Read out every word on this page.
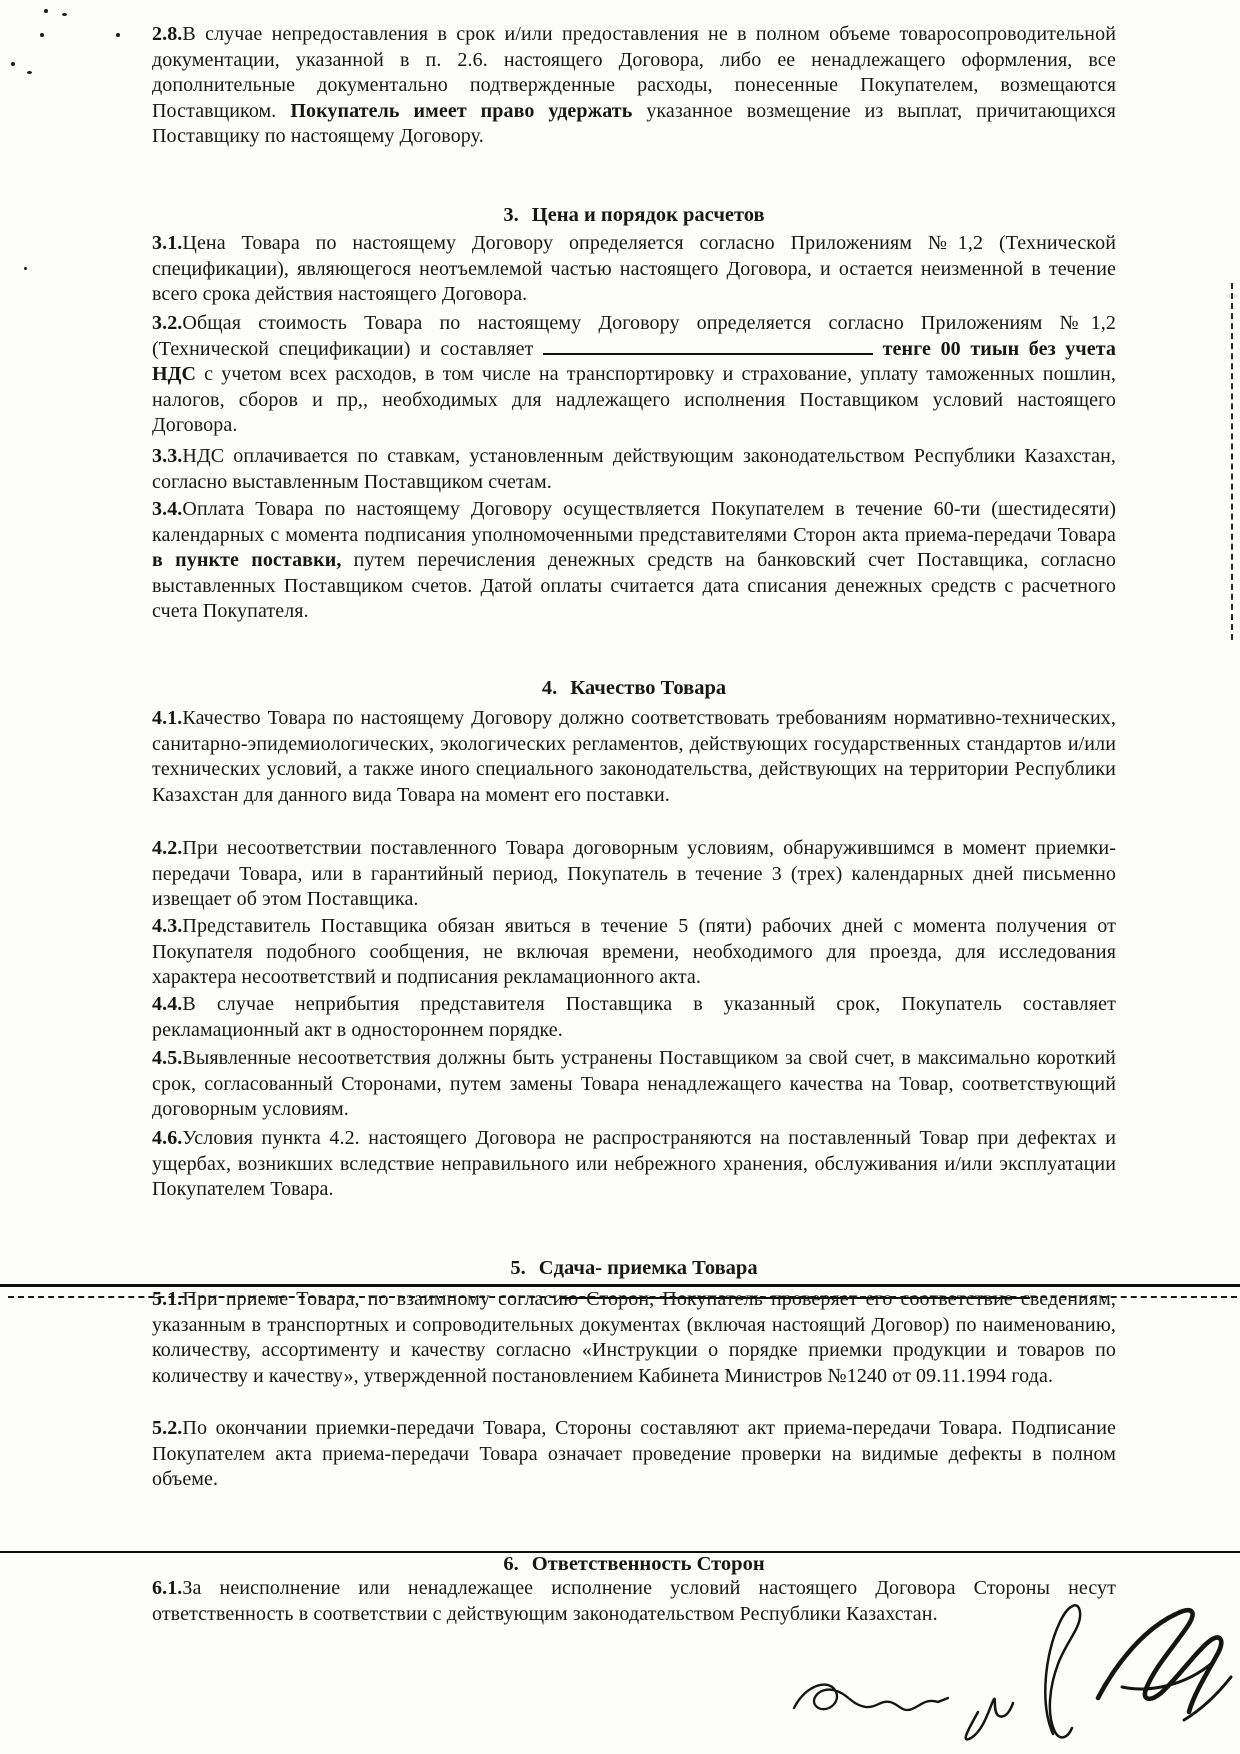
2.8.В случае непредоставления в срок и/или предоставления не в полном объеме товаросопроводительной документации, указанной в п. 2.6. настоящего Договора, либо ее ненадлежащего оформления, все дополнительные документально подтвержденные расходы, понесенные Покупателем, возмещаются Поставщиком. Покупатель имеет право удержать указанное возмещение из выплат, причитающихся Поставщику по настоящему Договору.

3. Цена и порядок расчетов

3.1.Цена Товара по настоящему Договору определяется согласно Приложениям №1,2 (Технической спецификации), являющегося неотъемлемой частью настоящего Договора, и остается неизменной в течение всего срока действия настоящего Договора.

3.2.Общая стоимость Товара по настоящему Договору определяется согласно Приложениям №1,2 (Технической спецификации) и составляет	тенге 00 тиын без учета НДС с учетом всех расходов, в том числе на транспортировку и страхование, уплату таможенных пошлин, налогов, сборов и пр,, необходимых для надлежащего исполнения Поставщиком условий настоящего Договора.

3.3.НДС оплачивается по ставкам, установленным действующим законодательством Республики Казахстан, согласно выставленным Поставщиком счетам.

3.4.Оплата Товара по настоящему Договору осуществляется Покупателем в течение 60-ти (шестидесяти) календарных с момента подписания уполномоченными представителями Сторон акта приема-передачи Товара в пункте поставки, путем перечисления денежных средств на банковский счет Поставщика, согласно выставленных Поставщиком счетов. Датой оплаты считается дата списания денежных средств с расчетного счета Покупателя.

4. Качество Товара

4.1.Качество Товара по настоящему Договору должно соответствовать требованиям нормативно-технических, санитарно-эпидемиологических, экологических регламентов, действующих государственных стандартов и/или технических условий, а также иного специального законодательства, действующих на территории Республики Казахстан для данного вида Товара на момент его поставки.

4.2.При несоответствии поставленного Товара договорным условиям, обнаружившимся в момент приемки-передачи Товара, или в гарантийный период, Покупатель в течение 3 (трех) календарных дней письменно извещает об этом Поставщика.

4.3.Представитель Поставщика обязан явиться в течение 5 (пяти) рабочих дней с момента получения от Покупателя подобного сообщения, не включая времени, необходимого для проезда, для исследования характера несоответствий и подписания рекламационного акта.

4.4.В случае неприбытия представителя Поставщика в указанный срок, Покупатель составляет рекламационный акт в одностороннем порядке.

4.5.Выявленные несоответствия должны быть устранены Поставщиком за свой счет, в максимально короткий срок, согласованный Сторонами, путем замены Товара ненадлежащего качества на Товар, соответствующий договорным условиям.

4.6.Условия пункта 4.2. настоящего Договора не распространяются на поставленный Товар при дефектах и ущербах, возникших вследствие неправильного или небрежного хранения, обслуживания и/или эксплуатации Покупателем Товара.

5. Сдача- приемка Товара

5.1.При приеме Товара, по взаимному согласию Сторон, Покупатель проверяет его соответствие сведениям, указанным в транспортных и сопроводительных документах (включая настоящий Договор) по наименованию, количеству, ассортименту и качеству согласно «Инструкции о порядке приемки продукции и товаров по количеству и качеству», утвержденной постановлением Кабинета Министров №1240 от 09.11.1994 года.

5.2.По окончании приемки-передачи Товара, Стороны составляют акт приема-передачи Товара. Подписание Покупателем акта приема-передачи Товара означает проведение проверки на видимые дефекты в полном объеме.

6. Ответственность Сторон

6.1.За неисполнение или ненадлежащее исполнение условий настоящего Договора Стороны несут ответственность в соответствии с действующим законодательством Республики Казахстан.
